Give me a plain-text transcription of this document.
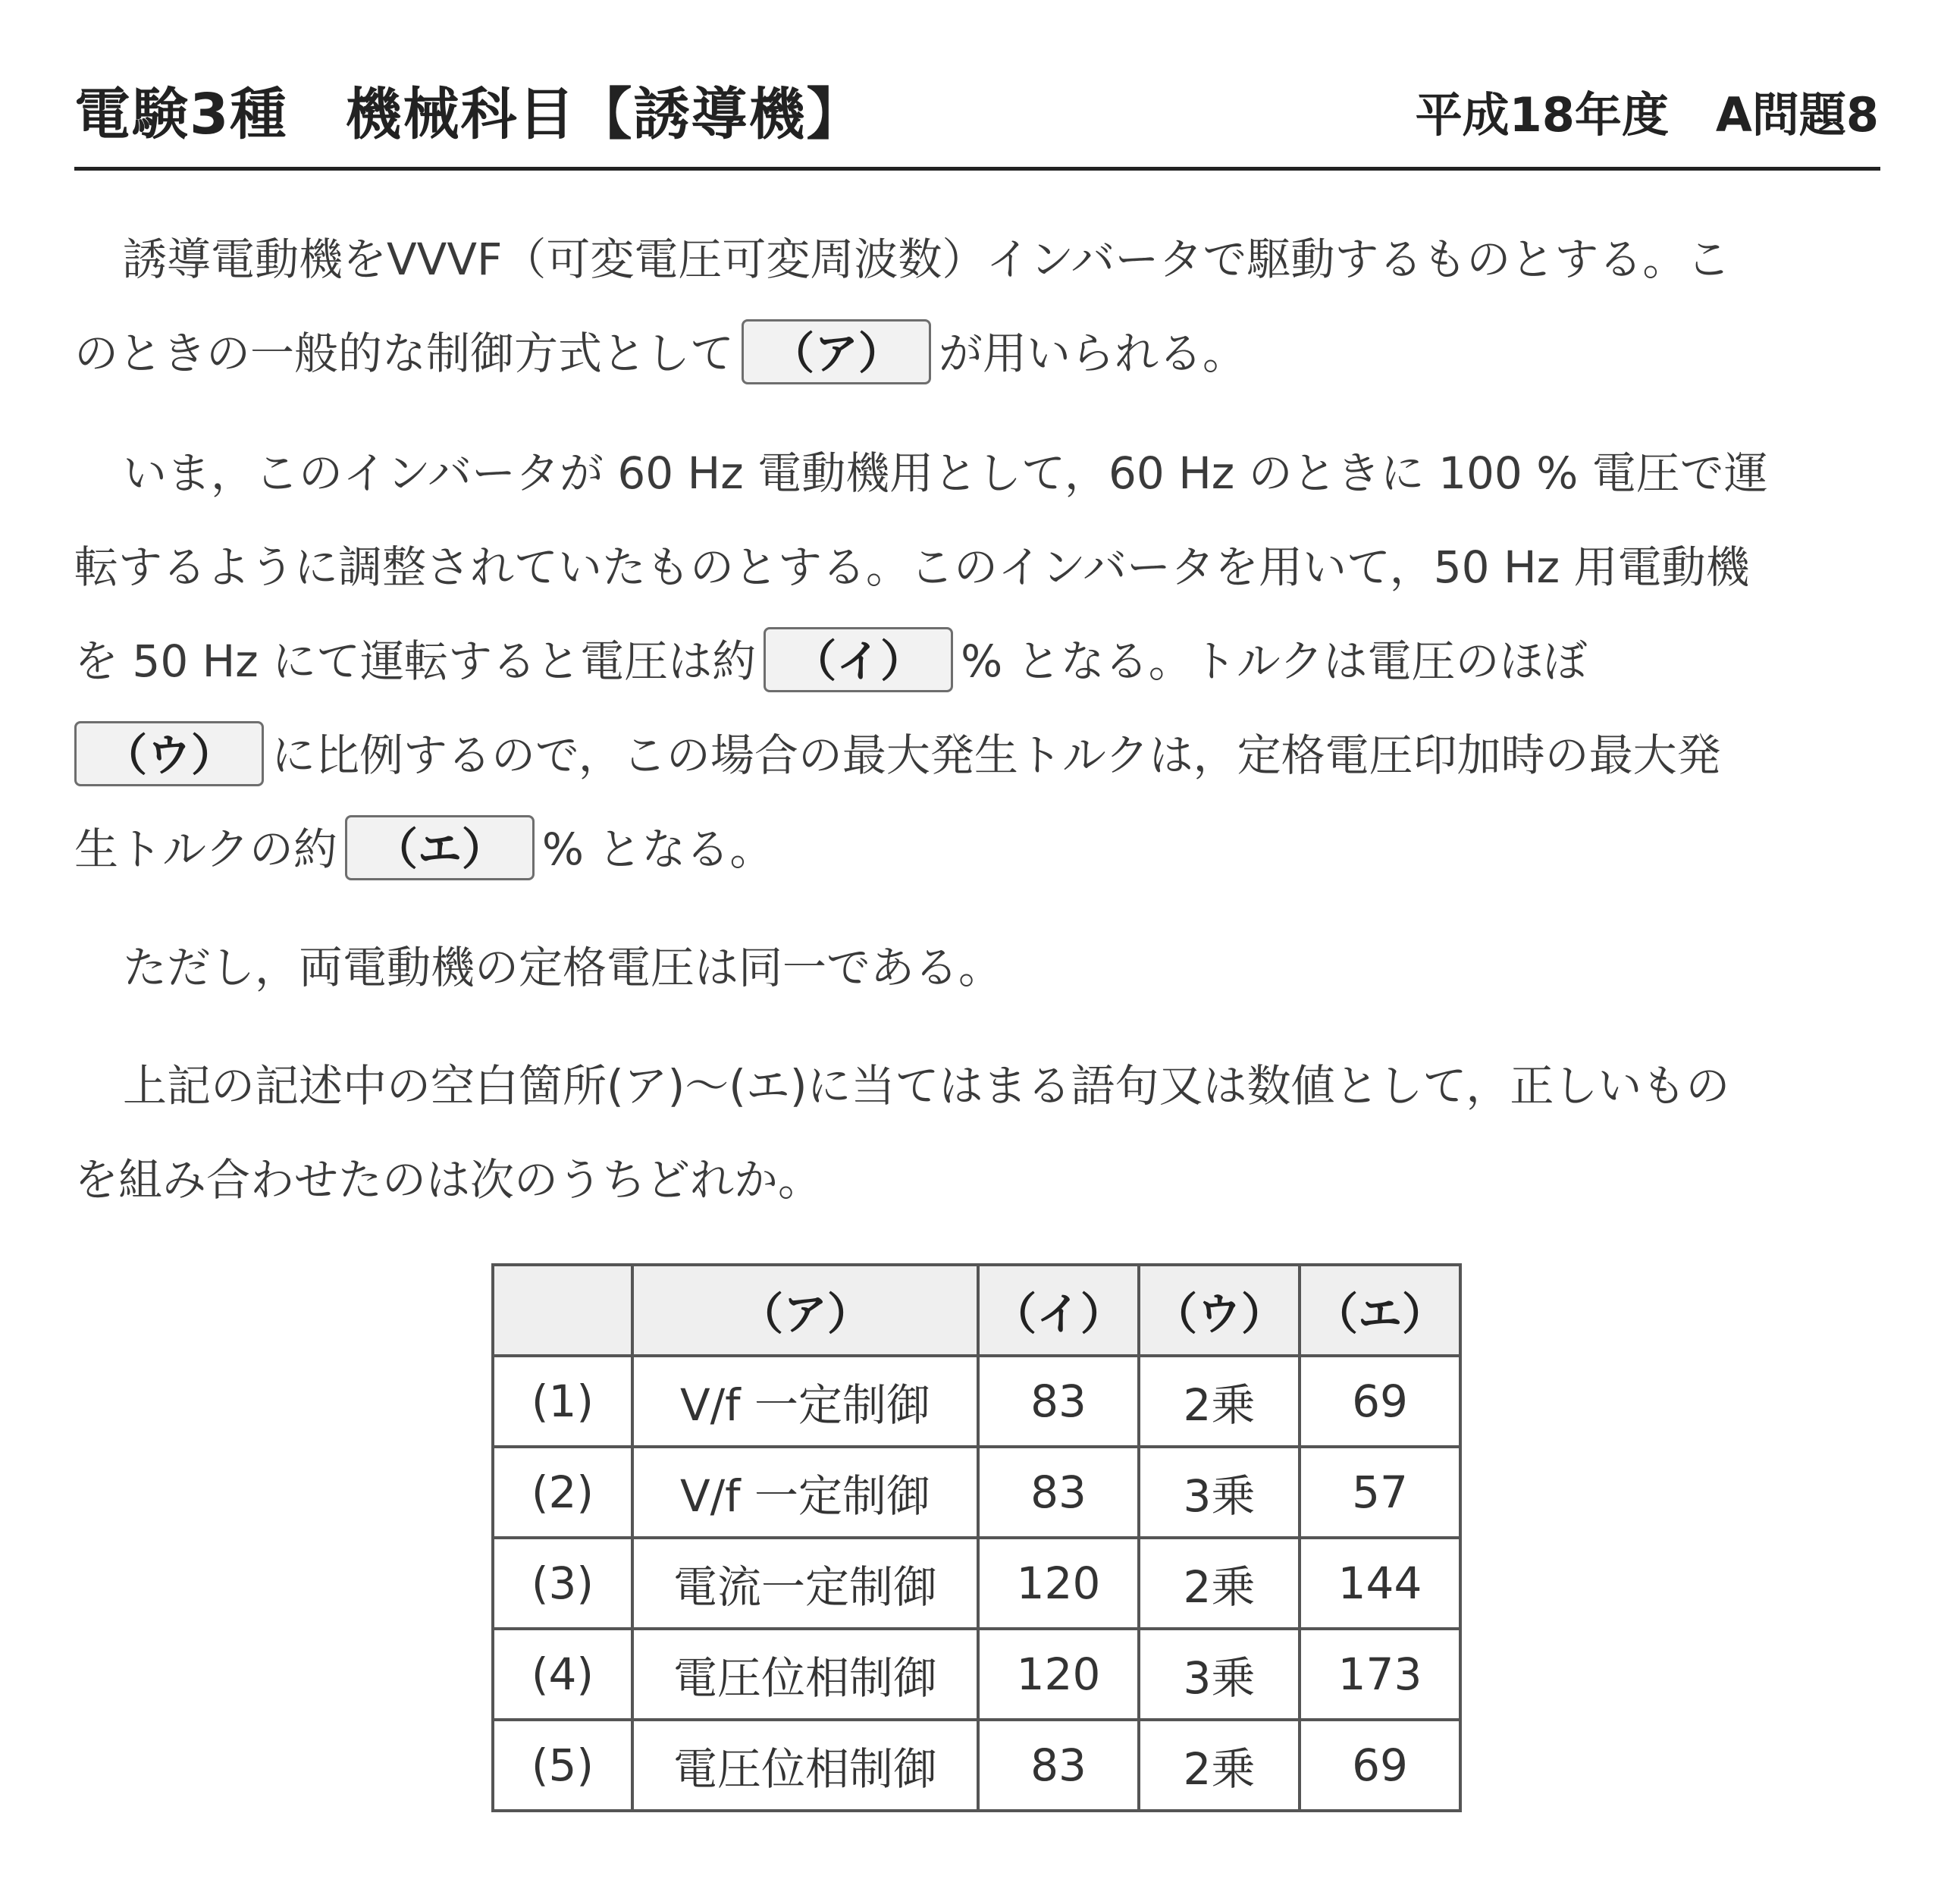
電験3種　機械科目【誘導機】	平成18年度　A問題8
誘導電動機をVVVF（可変電圧可変周波数）インバータで駆動するものとする。こ
のときの一般的な制御方式として （ア） が用いられる。
いま，このインバータが 60 Hz 電動機用として，60 Hz のときに 100 % 電圧で運
転するように調整されていたものとする。このインバータを用いて，50 Hz 用電動機
を 50 Hz にて運転すると電圧は約 （イ） % となる。トルクは電圧のほぼ
（ウ） に比例するので，この場合の最大発生トルクは，定格電圧印加時の最大発
生トルクの約 （エ） % となる。
ただし，両電動機の定格電圧は同一である。
上記の記述中の空白箇所(ア)～(エ)に当てはまる語句又は数値として，正しいもの
を組み合わせたのは次のうちどれか。
	（ア）	（イ）	（ウ）	（エ）
(1)	V/f 一定制御	83	2乗	69
(2)	V/f 一定制御	83	3乗	57
(3)	電流一定制御	120	2乗	144
(4)	電圧位相制御	120	3乗	173
(5)	電圧位相制御	83	2乗	69
